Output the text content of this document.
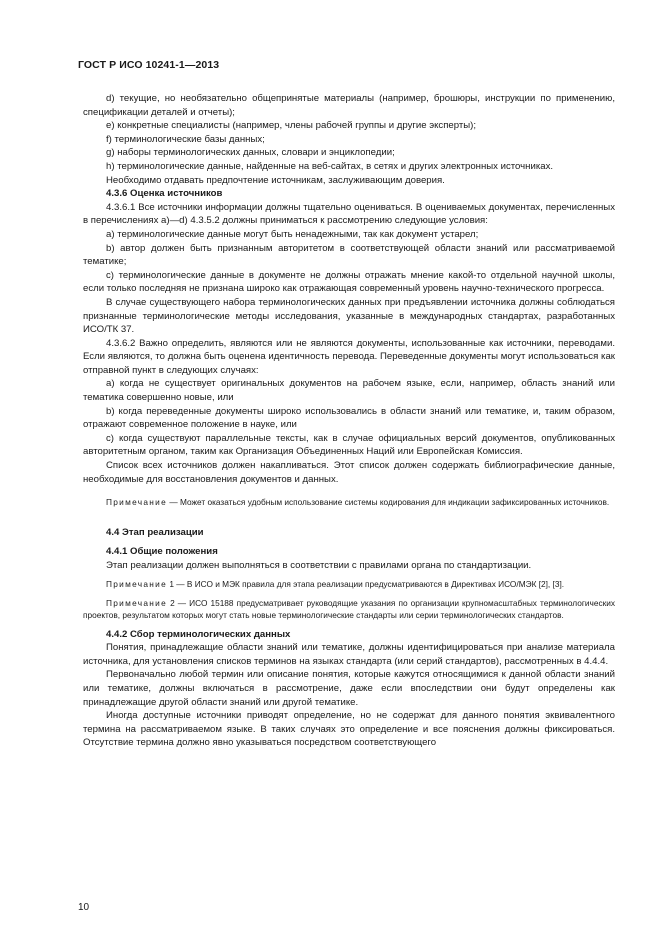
ГОСТ Р ИСО 10241-1—2013

d) текущие, но необязательно общепринятые материалы (например, брошюры, инструкции по применению, спецификации деталей и отчеты);

e) конкретные специалисты (например, члены рабочей группы и другие эксперты);

f) терминологические базы данных;

g) наборы терминологических данных, словари и энциклопедии;

h) терминологические данные, найденные на веб-сайтах, в сетях и других электронных источниках.

Необходимо отдавать предпочтение источникам, заслуживающим доверия.

4.3.6 Оценка источников

4.3.6.1 Все источники информации должны тщательно оцениваться. В оцениваемых документах, перечисленных в перечислениях а)—d) 4.3.5.2 должны приниматься к рассмотрению следующие условия:

a) терминологические данные могут быть ненадежными, так как документ устарел;

b) автор должен быть признанным авторитетом в соответствующей области знаний или рассматриваемой тематике;

c) терминологические данные в документе не должны отражать мнение какой-то отдельной научной школы, если только последняя не признана широко как отражающая современный уровень научно-технического прогресса.

В случае существующего набора терминологических данных при предъявлении источника должны соблюдаться признанные терминологические методы исследования, указанные в международных стандартах, разработанных ИСО/ТК 37.

4.3.6.2 Важно определить, являются или не являются документы, использованные как источники, переводами. Если являются, то должна быть оценена идентичность перевода. Переведенные документы могут использоваться как отправной пункт в следующих случаях:

a) когда не существует оригинальных документов на рабочем языке, если, например, область знаний или тематика совершенно новые, или

b) когда переведенные документы широко использовались в области знаний или тематике, и, таким образом, отражают современное положение в науке, или

c) когда существуют параллельные тексты, как в случае официальных версий документов, опубликованных авторитетным органом, таким как Организация Объединенных Наций или Европейская Комиссия.

Список всех источников должен накапливаться. Этот список должен содержать библиографические данные, необходимые для восстановления документов и данных.

Примечание — Может оказаться удобным использование системы кодирования для индикации зафиксированных источников.

4.4 Этап реализации

4.4.1 Общие положения

Этап реализации должен выполняться в соответствии с правилами органа по стандартизации.

Примечание 1 — В ИСО и МЭК правила для этапа реализации предусматриваются в Директивах ИСО/МЭК [2], [3].

Примечание 2 — ИСО 15188 предусматривает руководящие указания по организации крупномасштабных терминологических проектов, результатом которых могут стать новые терминологические стандарты или серии терминологических стандартов.

4.4.2 Сбор терминологических данных

Понятия, принадлежащие области знаний или тематике, должны идентифицироваться при анализе материала источника, для установления списков терминов на языках стандарта (или серий стандартов), рассмотренных в 4.4.4.

Первоначально любой термин или описание понятия, которые кажутся относящимися к данной области знаний или тематике, должны включаться в рассмотрение, даже если впоследствии они будут определены как принадлежащие другой области знаний или другой тематике.

Иногда доступные источники приводят определение, но не содержат для данного понятия эквивалентного термина на рассматриваемом языке. В таких случаях это определение и все пояснения должны фиксироваться. Отсутствие термина должно явно указываться посредством соответствующего

10
